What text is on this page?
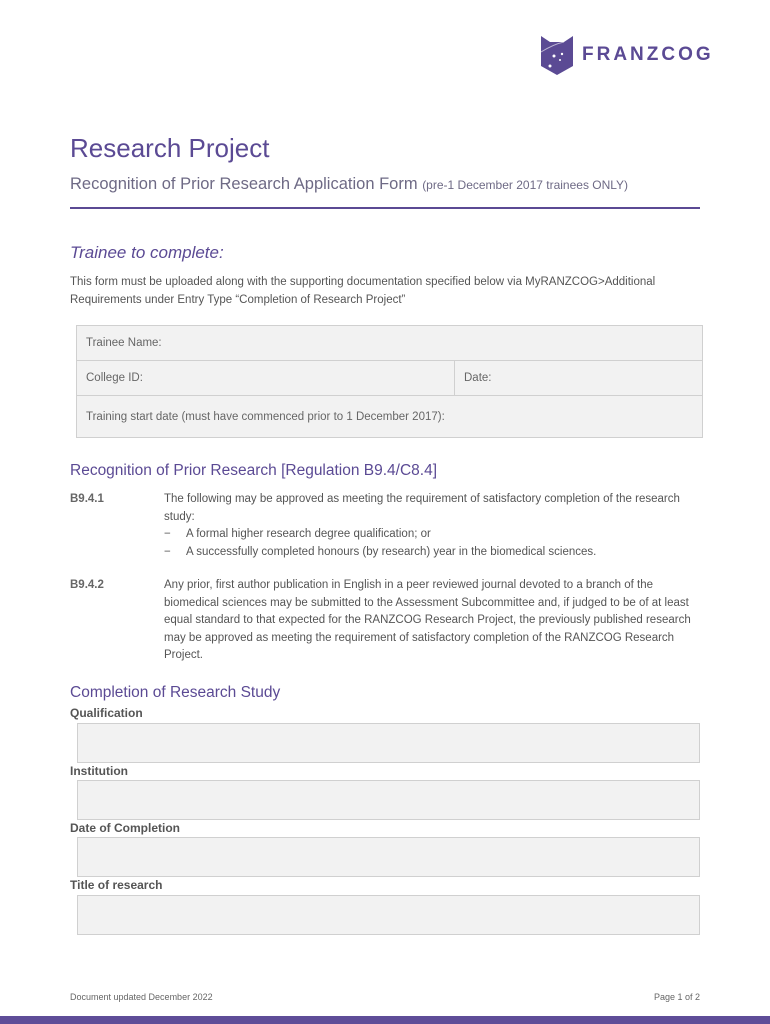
FRANZCOG
Research Project
Recognition of Prior Research Application Form (pre-1 December 2017 trainees ONLY)
Trainee to complete:
This form must be uploaded along with the supporting documentation specified below via MyRANZCOG>Additional Requirements under Entry Type “Completion of Research Project”
Trainee Name:
College ID:	Date:
Training start date (must have commenced prior to 1 December 2017):
Recognition of Prior Research [Regulation B9.4/C8.4]
B9.4.1	The following may be approved as meeting the requirement of satisfactory completion of the research study:
− A formal higher research degree qualification; or
− A successfully completed honours (by research) year in the biomedical sciences.
B9.4.2	Any prior, first author publication in English in a peer reviewed journal devoted to a branch of the biomedical sciences may be submitted to the Assessment Subcommittee and, if judged to be of at least equal standard to that expected for the RANZCOG Research Project, the previously published research may be approved as meeting the requirement of satisfactory completion of the RANZCOG Research Project.
Completion of Research Study
Qualification
Institution
Date of Completion
Title of research
Document updated December 2022	Page 1 of 2
